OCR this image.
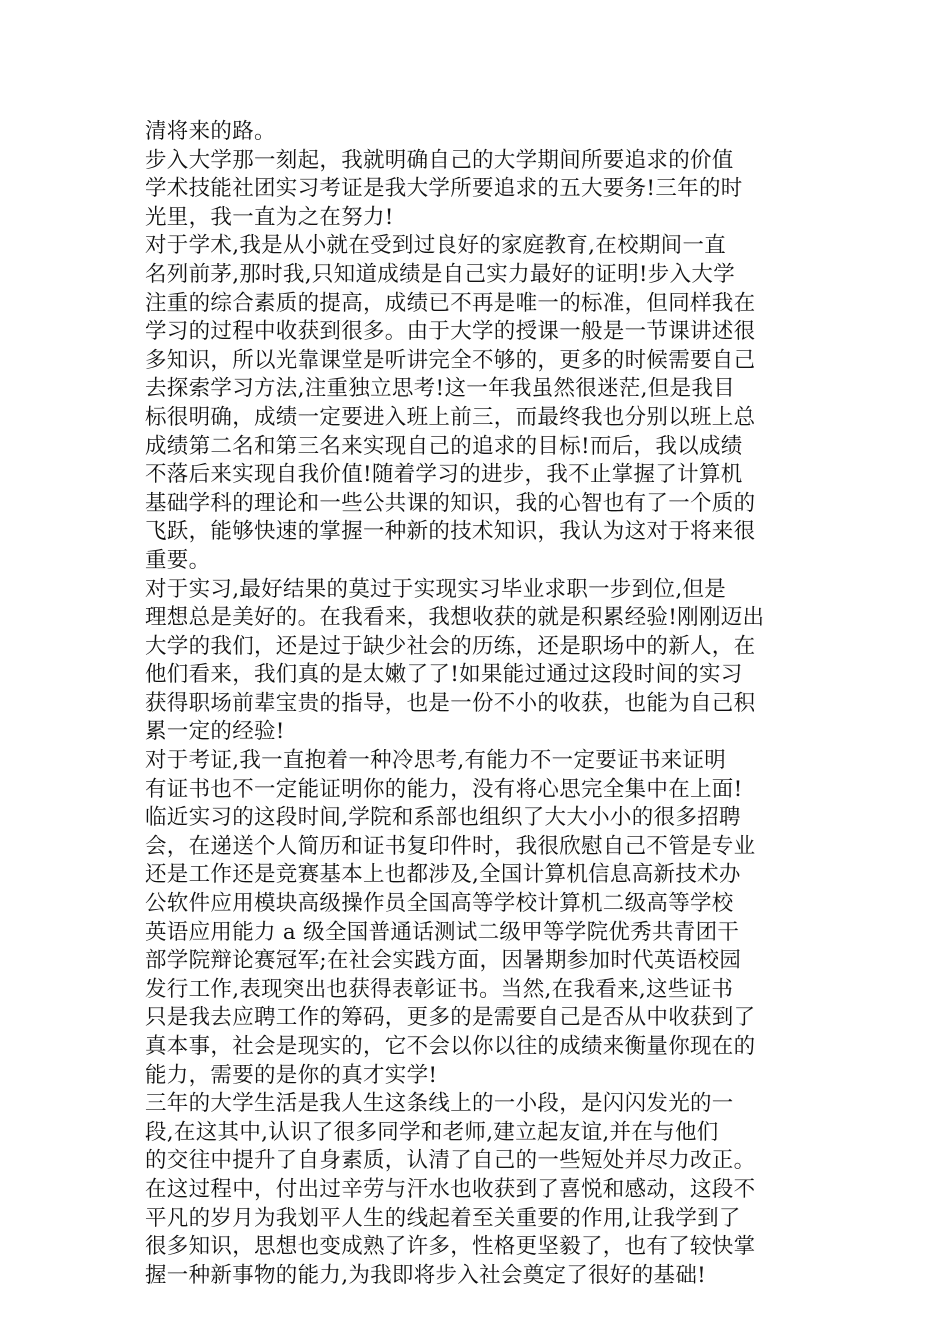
清将来的路。
步入大学那一刻起，我就明确自己的大学期间所要追求的价值
学术技能社团实习考证是我大学所要追求的五大要务!三年的时
光里，我一直为之在努力!
对于学术,我是从小就在受到过良好的家庭教育,在校期间一直
名列前茅,那时我,只知道成绩是自己实力最好的证明!步入大学
注重的综合素质的提高，成绩已不再是唯一的标准，但同样我在
学习的过程中收获到很多。由于大学的授课一般是一节课讲述很
多知识，所以光靠课堂是听讲完全不够的，更多的时候需要自己
去探索学习方法,注重独立思考!这一年我虽然很迷茫,但是我目
标很明确，成绩一定要进入班上前三，而最终我也分别以班上总
成绩第二名和第三名来实现自己的追求的目标!而后，我以成绩
不落后来实现自我价值!随着学习的进步，我不止掌握了计算机
基础学科的理论和一些公共课的知识，我的心智也有了一个质的
飞跃，能够快速的掌握一种新的技术知识，我认为这对于将来很
重要。
对于实习,最好结果的莫过于实现实习毕业求职一步到位,但是
理想总是美好的。在我看来，我想收获的就是积累经验!刚刚迈出
大学的我们，还是过于缺少社会的历练，还是职场中的新人，在
他们看来，我们真的是太嫩了了!如果能过通过这段时间的实习
获得职场前辈宝贵的指导，也是一份不小的收获，也能为自己积
累一定的经验!
对于考证,我一直抱着一种冷思考,有能力不一定要证书来证明
有证书也不一定能证明你的能力，没有将心思完全集中在上面!
临近实习的这段时间,学院和系部也组织了大大小小的很多招聘
会，在递送个人简历和证书复印件时，我很欣慰自己不管是专业
还是工作还是竞赛基本上也都涉及,全国计算机信息高新技术办
公软件应用模块高级操作员全国高等学校计算机二级高等学校
英语应用能力 a 级全国普通话测试二级甲等学院优秀共青团干
部学院辩论赛冠军;在社会实践方面，因暑期参加时代英语校园
发行工作,表现突出也获得表彰证书。当然,在我看来,这些证书
只是我去应聘工作的筹码，更多的是需要自己是否从中收获到了
真本事，社会是现实的，它不会以你以往的成绩来衡量你现在的
能力，需要的是你的真才实学!
三年的大学生活是我人生这条线上的一小段，是闪闪发光的一
段,在这其中,认识了很多同学和老师,建立起友谊,并在与他们
的交往中提升了自身素质，认清了自己的一些短处并尽力改正。
在这过程中，付出过辛劳与汗水也收获到了喜悦和感动，这段不
平凡的岁月为我划平人生的线起着至关重要的作用,让我学到了
很多知识，思想也变成熟了许多，性格更坚毅了，也有了较快掌
握一种新事物的能力,为我即将步入社会奠定了很好的基础!
